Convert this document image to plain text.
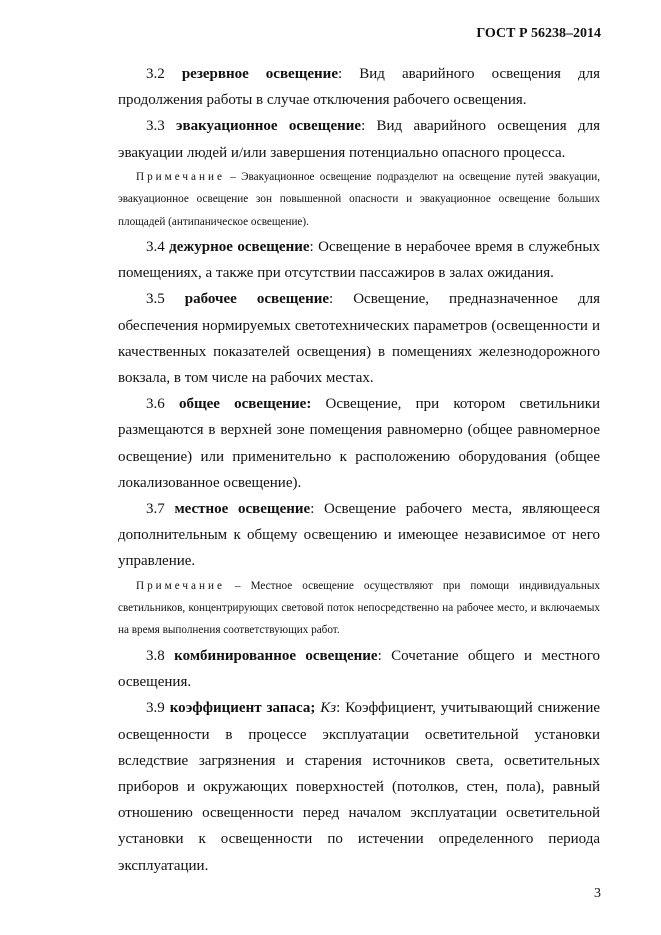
ГОСТ Р 56238–2014

3.2 резервное освещение: Вид аварийного освещения для продолжения работы в случае отключения рабочего освещения.

3.3 эвакуационное освещение: Вид аварийного освещения для эвакуации людей и/или завершения потенциально опасного процесса.

Примечание – Эвакуационное освещение подразделют на освещение путей эвакуации, эвакуационное освещение зон повышенной опасности и эвакуационное освещение больших площадей (антипаническое освещение).

3.4 дежурное освещение: Освещение в нерабочее время в служебных помещениях, а также при отсутствии пассажиров в залах ожидания.

3.5 рабочее освещение: Освещение, предназначенное для обеспечения нормируемых светотехнических параметров (освещенности и качественных показателей освещения) в помещениях железнодорожного вокзала, в том числе на рабочих местах.

3.6 общее освещение: Освещение, при котором светильники размещаются в верхней зоне помещения равномерно (общее равномерное освещение) или применительно к расположению оборудования (общее локализованное освещение).

3.7 местное освещение: Освещение рабочего места, являющееся дополнительным к общему освещению и имеющее независимое от него управление.

Примечание – Местное освещение осуществляют при помощи индивидуальных светильников, концентрирующих световой поток непосредственно на рабочее место, и включаемых на время выполнения соответствующих работ.

3.8 комбинированное освещение: Сочетание общего и местного освещения.

3.9 коэффициент запаса; Кз: Коэффициент, учитывающий снижение освещенности в процессе эксплуатации осветительной установки вследствие загрязнения и старения источников света, осветительных приборов и окружающих поверхностей (потолков, стен, пола), равный отношению освещенности перед началом эксплуатации осветительной установки к освещенности по истечении определенного периода эксплуатации.

3
